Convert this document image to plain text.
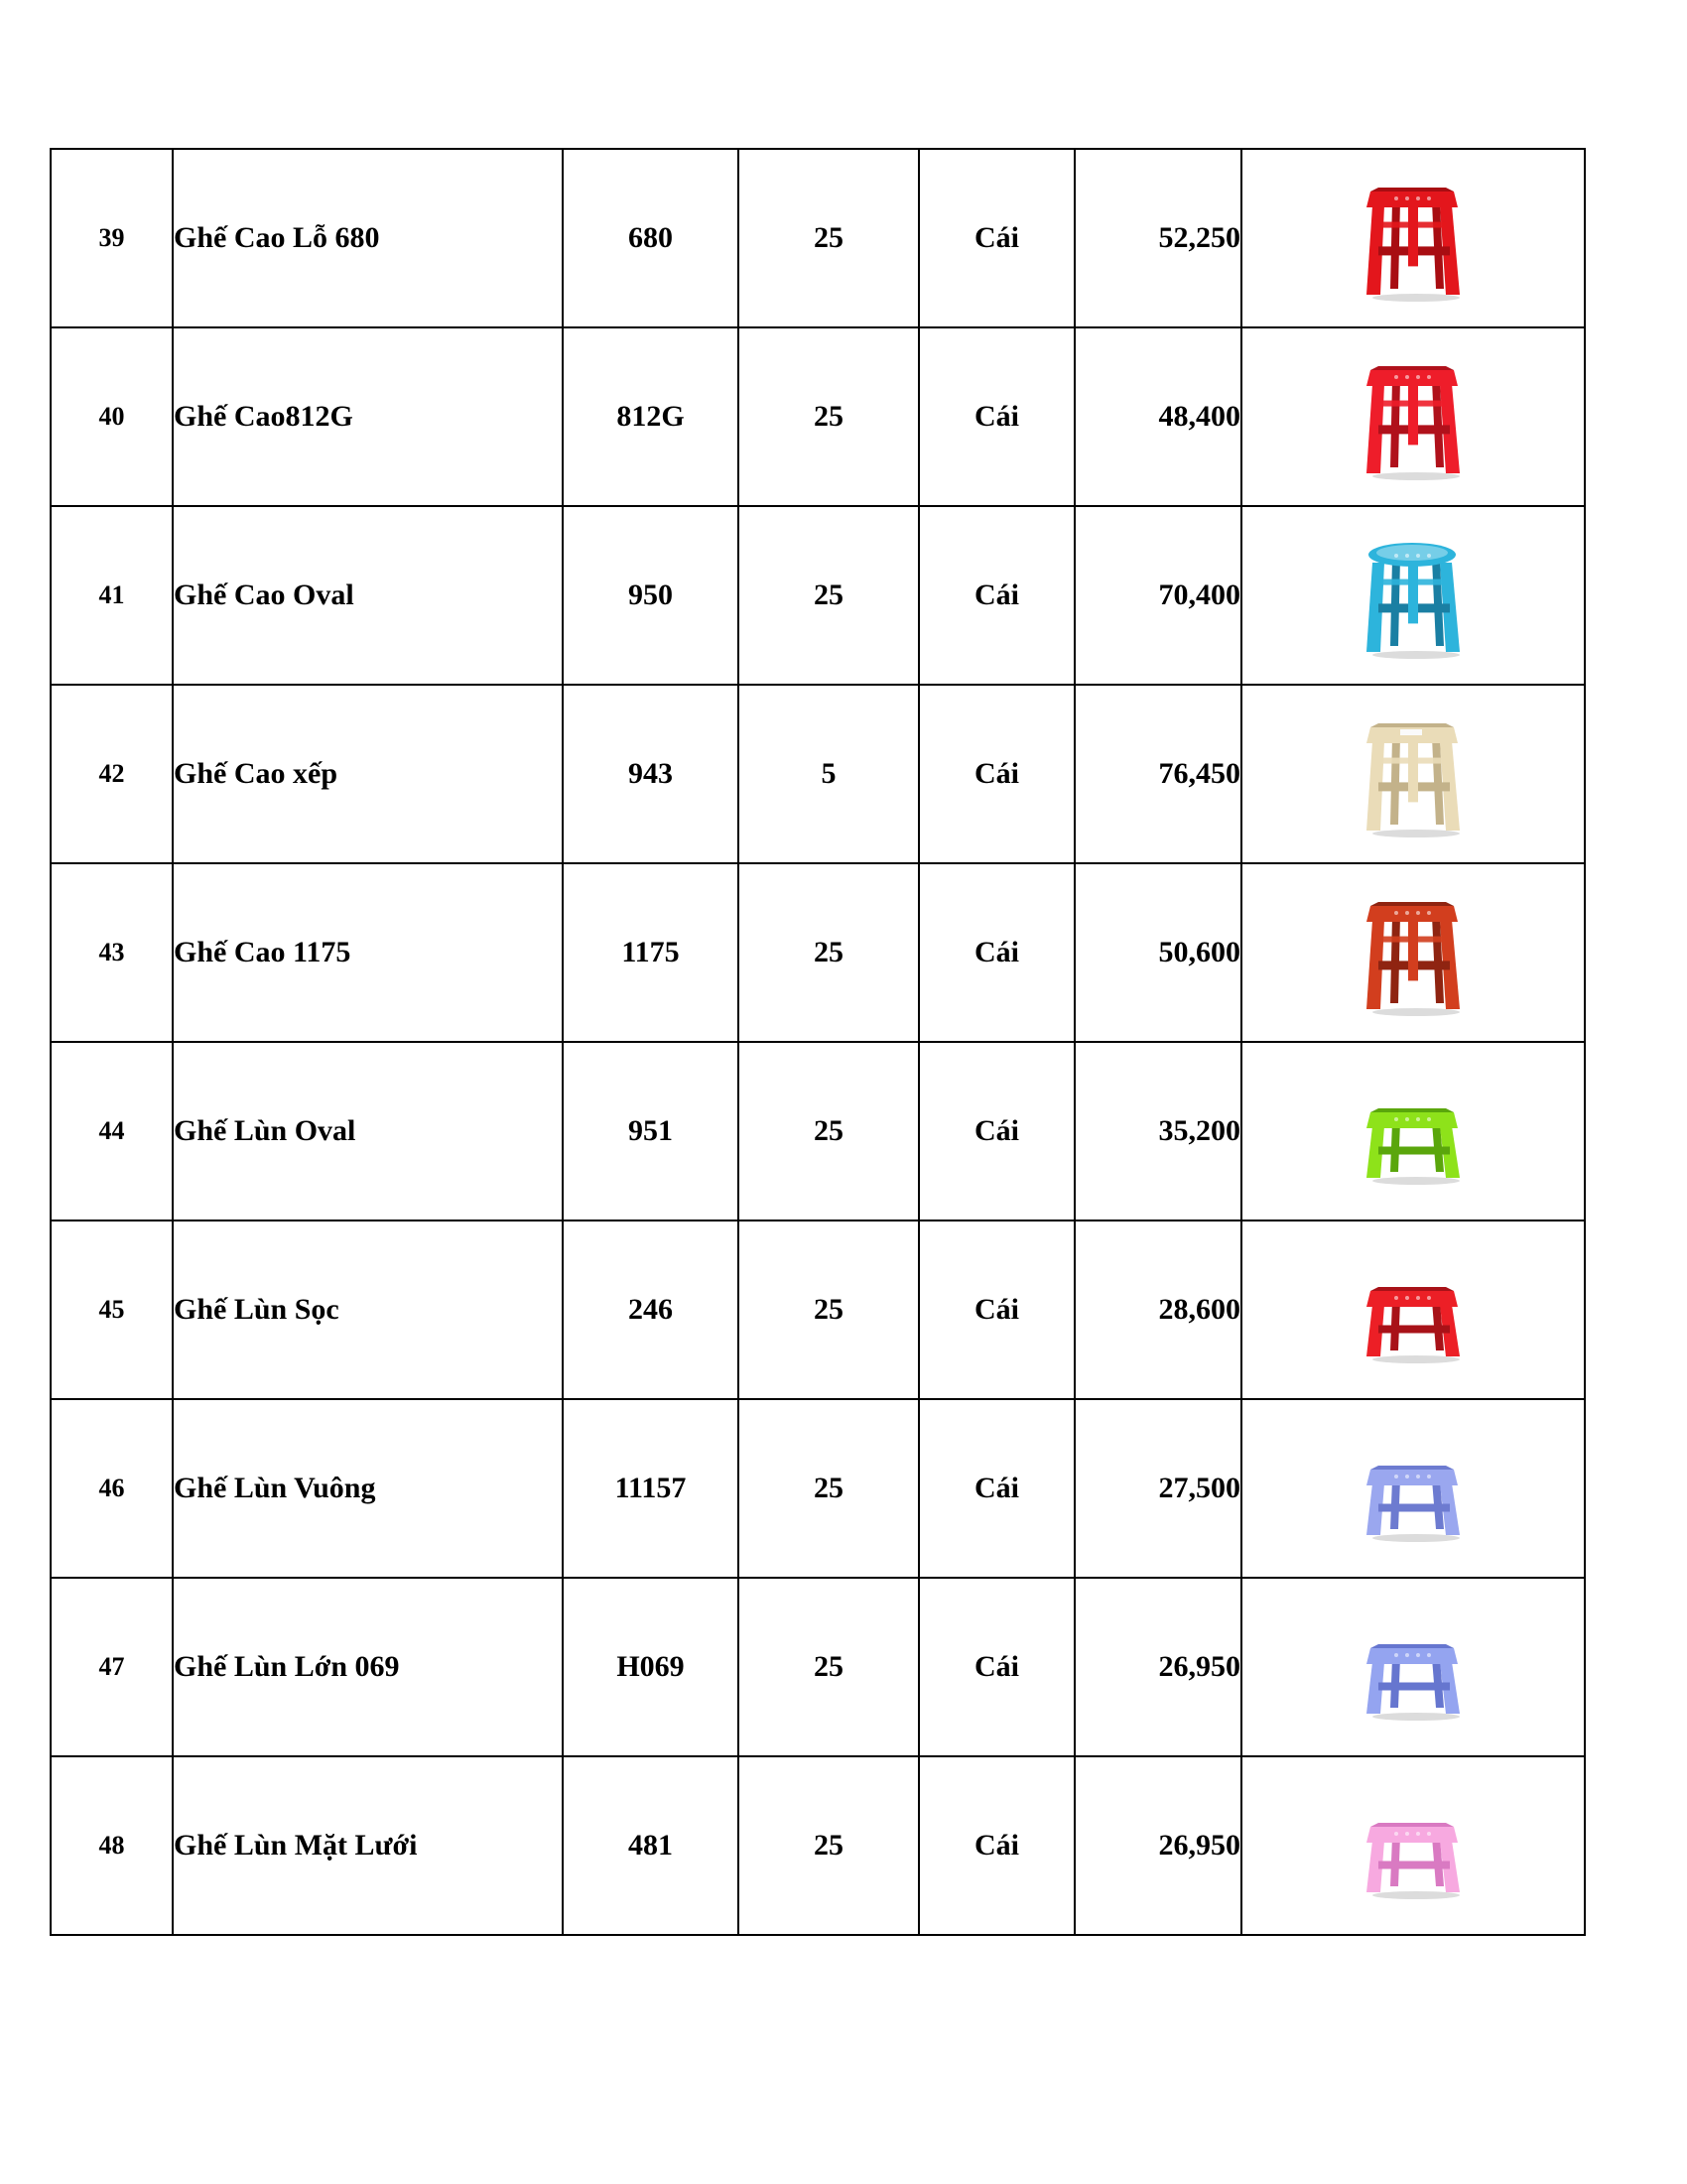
39	Ghế Cao Lỗ 680	680	25	Cái	52,250	

40	Ghế Cao812G	812G	25	Cái	48,400	

41	Ghế Cao Oval	950	25	Cái	70,400	

42	Ghế Cao xếp	943	5	Cái	76,450	

43	Ghế Cao 1175	1175	25	Cái	50,600	

44	Ghế Lùn Oval	951	25	Cái	35,200	

45	Ghế Lùn Sọc	246	25	Cái	28,600	

46	Ghế Lùn Vuông	11157	25	Cái	27,500	

47	Ghế Lùn Lớn 069	H069	25	Cái	26,950	

48	Ghế Lùn Mặt Lưới	481	25	Cái	26,950	
